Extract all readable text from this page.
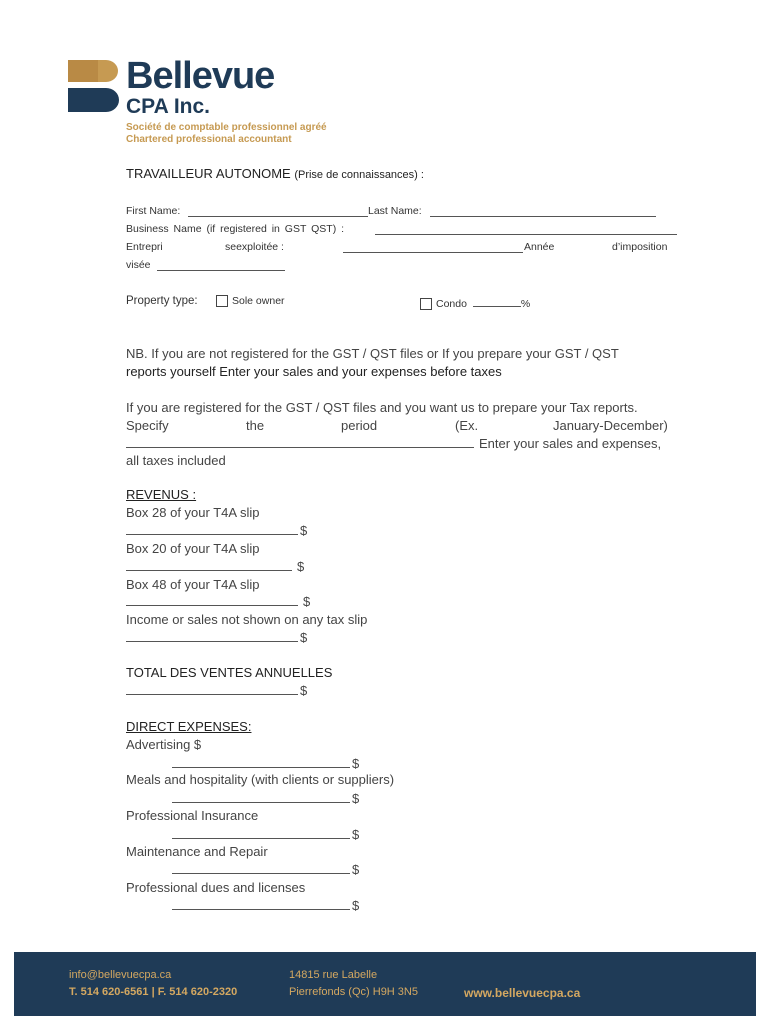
Bellevue
CPA Inc.
Société de comptable professionnel agréé
Chartered professional accountant
TRAVAILLEUR AUTONOME (Prise de connaissances) :
First Name:	Last Name:
Business Name (if registered in GST QST) :
Entrepri	seexploitée :	Année	d’imposition
visée
Property type:	Sole owner	Condo	%
NB. If you are not registered for the GST / QST files or If you prepare your GST / QST
reports yourself Enter your sales and your expenses before taxes
If you are registered for the GST / QST files and you want us to prepare your Tax reports.
Specify	the	period	(Ex.	January-December)
Enter your sales and expenses,
all taxes included
REVENUS :
Box 28 of your T4A slip
$
Box 20 of your T4A slip
$
Box 48 of your T4A slip
$
Income or sales not shown on any tax slip
$
TOTAL DES VENTES ANNUELLES
$
DIRECT EXPENSES:
Advertising $
$
Meals and hospitality (with clients or suppliers)
$
Professional Insurance
$
Maintenance and Repair
$
Professional dues and licenses
$
info@bellevuecpa.ca
T. 514 620-6561 | F. 514 620-2320
14815 rue Labelle
Pierrefonds (Qc) H9H 3N5	www.bellevuecpa.ca
